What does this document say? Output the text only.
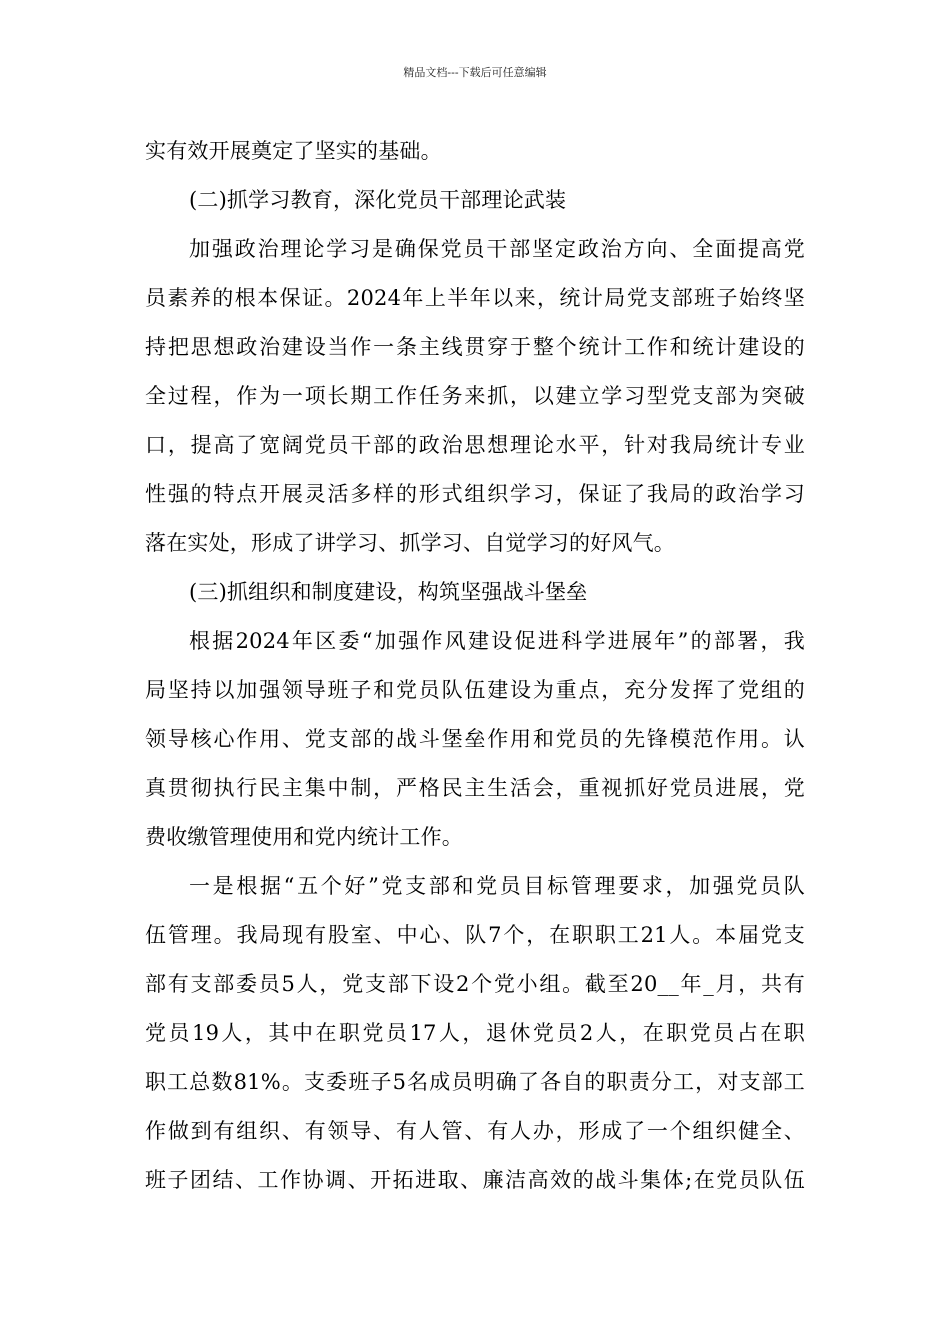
精品文档---下载后可任意编辑
实有效开展奠定了坚实的基础。
(二)抓学习教育，深化党员干部理论武装
加强政治理论学习是确保党员干部坚定政治方向、全面提高党
员素养的根本保证。2024年上半年以来，统计局党支部班子始终坚
持把思想政治建设当作一条主线贯穿于整个统计工作和统计建设的
全过程，作为一项长期工作任务来抓，以建立学习型党支部为突破
口，提高了宽阔党员干部的政治思想理论水平，针对我局统计专业
性强的特点开展灵活多样的形式组织学习，保证了我局的政治学习
落在实处，形成了讲学习、抓学习、自觉学习的好风气。
(三)抓组织和制度建设，构筑坚强战斗堡垒
根据2024年区委“加强作风建设促进科学进展年”的部署，我
局坚持以加强领导班子和党员队伍建设为重点，充分发挥了党组的
领导核心作用、党支部的战斗堡垒作用和党员的先锋模范作用。认
真贯彻执行民主集中制，严格民主生活会，重视抓好党员进展，党
费收缴管理使用和党内统计工作。
一是根据“五个好”党支部和党员目标管理要求，加强党员队
伍管理。我局现有股室、中心、队7个，在职职工21人。本届党支
部有支部委员5人，党支部下设2个党小组。截至20__年_月，共有
党员19人，其中在职党员17人，退休党员2人，在职党员占在职
职工总数81%。支委班子5名成员明确了各自的职责分工，对支部工
作做到有组织、有领导、有人管、有人办，形成了一个组织健全、
班子团结、工作协调、开拓进取、廉洁高效的战斗集体;在党员队伍
